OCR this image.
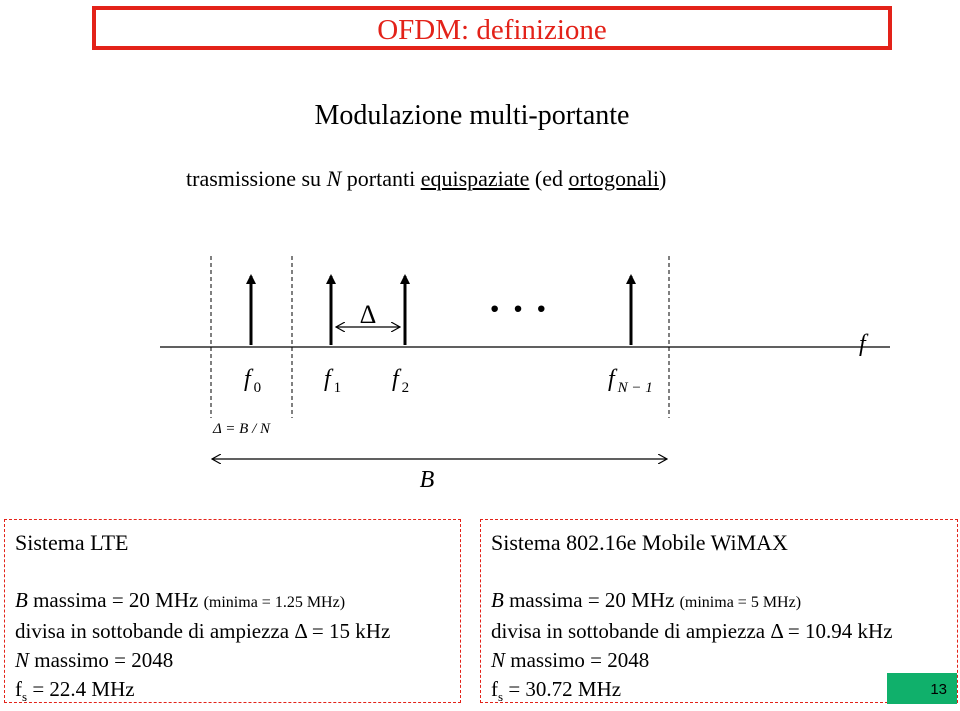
OFDM: definizione
Modulazione multi-portante
trasmissione su N portanti equispaziate (ed ortogonali)
f
Δ	· · ·
f $_0$	f $_1$ f $_2$	f $_{N - 1}$
Δ = B / N
B
Sistema LTE
B massima = 20 MHz (minima = 1.25 MHz)
divisa in sottobande di ampiezza Δ = 15 kHz
N massimo = 2048
$f_s = 22.4$ MHz
Sistema 802.16e Mobile WiMAX
B massima = 20 MHz (minima = 5 MHz)
divisa in sottobande di ampiezza Δ = 10.94 kHz
N massimo = 2048
$f_s = 30.72$ MHz	13
